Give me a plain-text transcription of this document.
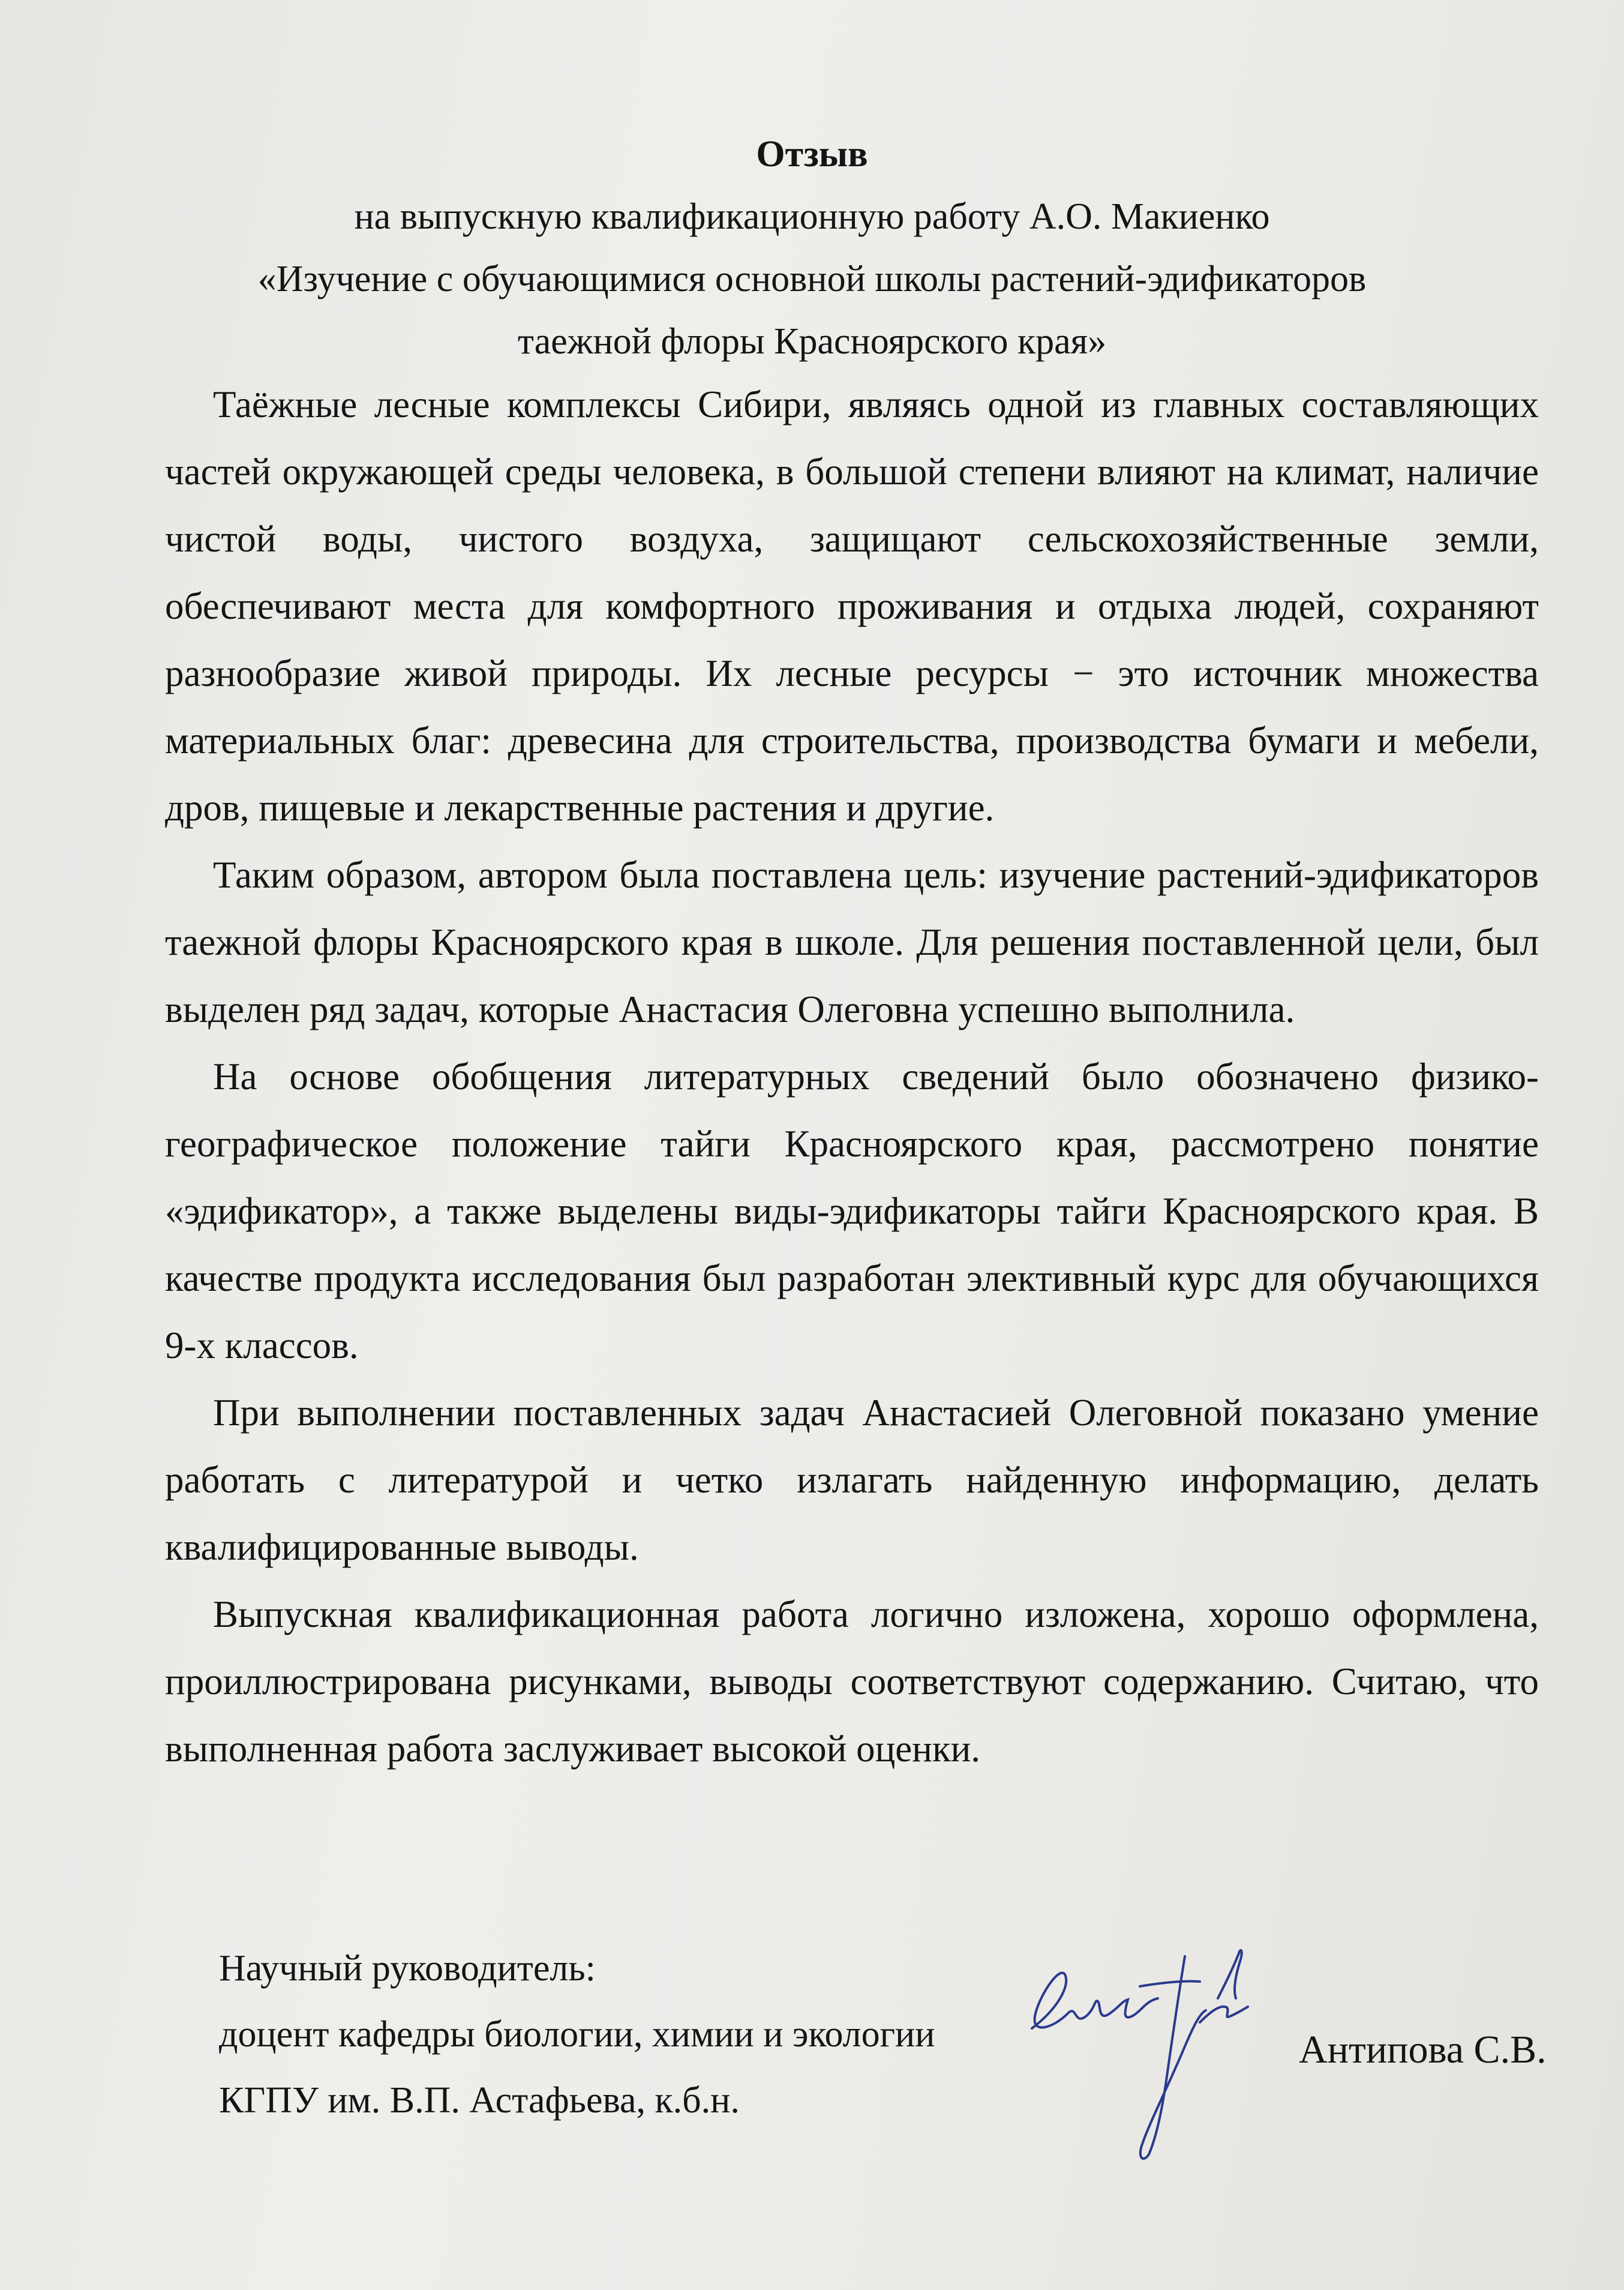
Отзыв
на выпускную квалификационную работу А.О. Макиенко
«Изучение с обучающимися основной школы растений-эдификаторов
таежной флоры Красноярского края»

Таёжные лесные комплексы Сибири, являясь одной из главных составляющих частей окружающей среды человека, в большой степени влияют на климат, наличие чистой воды, чистого воздуха, защищают сельскохозяйственные земли, обеспечивают места для комфортного проживания и отдыха людей, сохраняют разнообразие живой природы. Их лесные ресурсы − это источник множества материальных благ: древесина для строительства, производства бумаги и мебели, дров, пищевые и лекарственные растения и другие.

Таким образом, автором была поставлена цель: изучение растений-эдификаторов таежной флоры Красноярского края в школе. Для решения поставленной цели, был выделен ряд задач, которые Анастасия Олеговна успешно выполнила.

На основе обобщения литературных сведений было обозначено физико-географическое положение тайги Красноярского края, рассмотрено понятие «эдификатор», а также выделены виды-эдификаторы тайги Красноярского края. В качестве продукта исследования был разработан элективный курс для обучающихся 9-х классов.

При выполнении поставленных задач Анастасией Олеговной показано умение работать с литературой и четко излагать найденную информацию, делать квалифицированные выводы.

Выпускная квалификационная работа логично изложена, хорошо оформлена, проиллюстрирована рисунками, выводы соответствуют содержанию. Считаю, что выполненная работа заслуживает высокой оценки.

Научный руководитель:
доцент кафедры биологии, химии и экологии
КГПУ им. В.П. Астафьева, к.б.н.
Антипова С.В.
